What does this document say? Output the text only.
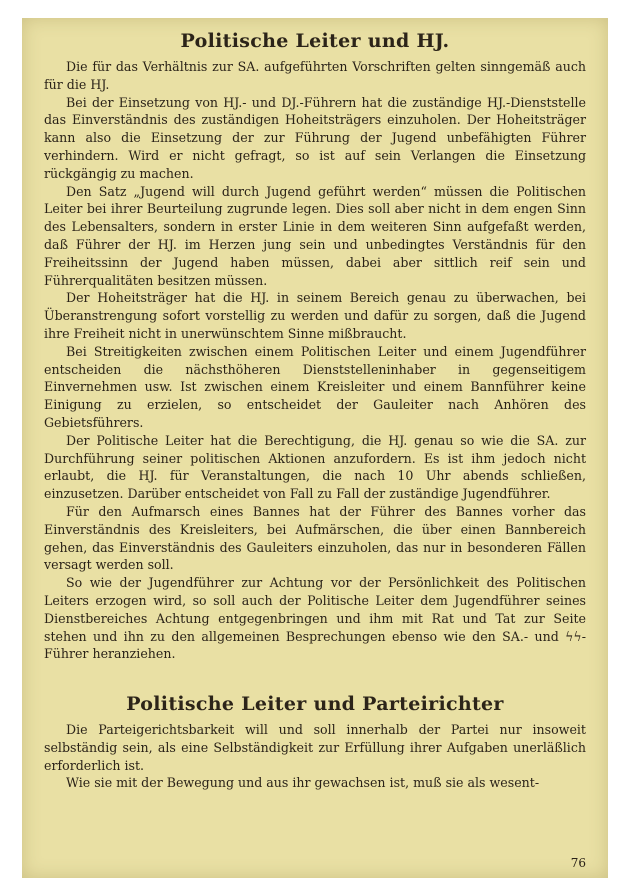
Politische Leiter und HJ.

Die für das Verhältnis zur SA. aufgeführten Vorschriften gelten sinngemäß auch für die HJ.

Bei der Einsetzung von HJ.- und DJ.-Führern hat die zuständige HJ.-Dienststelle das Einverständnis des zuständigen Hoheitsträgers einzuholen. Der Hoheitsträger kann also die Einsetzung der zur Führung der Jugend unbefähigten Führer verhindern. Wird er nicht gefragt, so ist auf sein Verlangen die Einsetzung rückgängig zu machen.

Den Satz „Jugend will durch Jugend geführt werden“ müssen die Politischen Leiter bei ihrer Beurteilung zugrunde legen. Dies soll aber nicht in dem engen Sinn des Lebensalters, sondern in erster Linie in dem weiteren Sinn aufgefaßt werden, daß Führer der HJ. im Herzen jung sein und unbedingtes Verständnis für den Freiheitssinn der Jugend haben müssen, dabei aber sittlich reif sein und Führerqualitäten besitzen müssen.

Der Hoheitsträger hat die HJ. in seinem Bereich genau zu überwachen, bei Überanstrengung sofort vorstellig zu werden und dafür zu sorgen, daß die Jugend ihre Freiheit nicht in unerwünschtem Sinne mißbraucht.

Bei Streitigkeiten zwischen einem Politischen Leiter und einem Jugendführer entscheiden die nächsthöheren Dienststelleninhaber in gegenseitigem Einvernehmen usw. Ist zwischen einem Kreisleiter und einem Bannführer keine Einigung zu erzielen, so entscheidet der Gauleiter nach Anhören des Gebietsführers.

Der Politische Leiter hat die Berechtigung, die HJ. genau so wie die SA. zur Durchführung seiner politischen Aktionen anzufordern. Es ist ihm jedoch nicht erlaubt, die HJ. für Veranstaltungen, die nach 10 Uhr abends schließen, einzusetzen. Darüber entscheidet von Fall zu Fall der zuständige Jugendführer.

Für den Aufmarsch eines Bannes hat der Führer des Bannes vorher das Einverständnis des Kreisleiters, bei Aufmärschen, die über einen Bannbereich gehen, das Einverständnis des Gauleiters einzuholen, das nur in besonderen Fällen versagt werden soll.

So wie der Jugendführer zur Achtung vor der Persönlichkeit des Politischen Leiters erzogen wird, so soll auch der Politische Leiter dem Jugendführer seines Dienstbereiches Achtung entgegenbringen und ihm mit Rat und Tat zur Seite stehen und ihn zu den allgemeinen Besprechungen ebenso wie den SA.- und ϟϟ-Führer heranziehen.

Politische Leiter und Parteirichter

Die Parteigerichtsbarkeit will und soll innerhalb der Partei nur insoweit selbständig sein, als eine Selbständigkeit zur Erfüllung ihrer Aufgaben unerläßlich erforderlich ist.

Wie sie mit der Bewegung und aus ihr gewachsen ist, muß sie als wesent-

76
